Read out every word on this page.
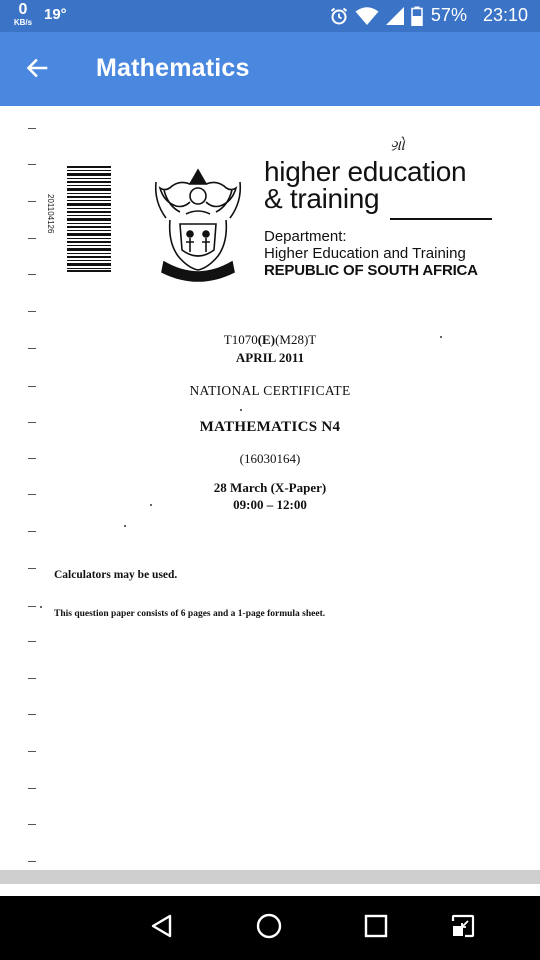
0
KB/s 19°	57% 23:10
Mathematics
ગ્રો
201104126
higher education
& training
Department:
Higher Education and Training
REPUBLIC OF SOUTH AFRICA
T1070(E)(M28)T
APRIL 2011
NATIONAL CERTIFICATE
MATHEMATICS N4
(16030164)
28 March (X-Paper)
09:00 – 12:00
Calculators may be used.
This question paper consists of 6 pages and a 1-page formula sheet.
